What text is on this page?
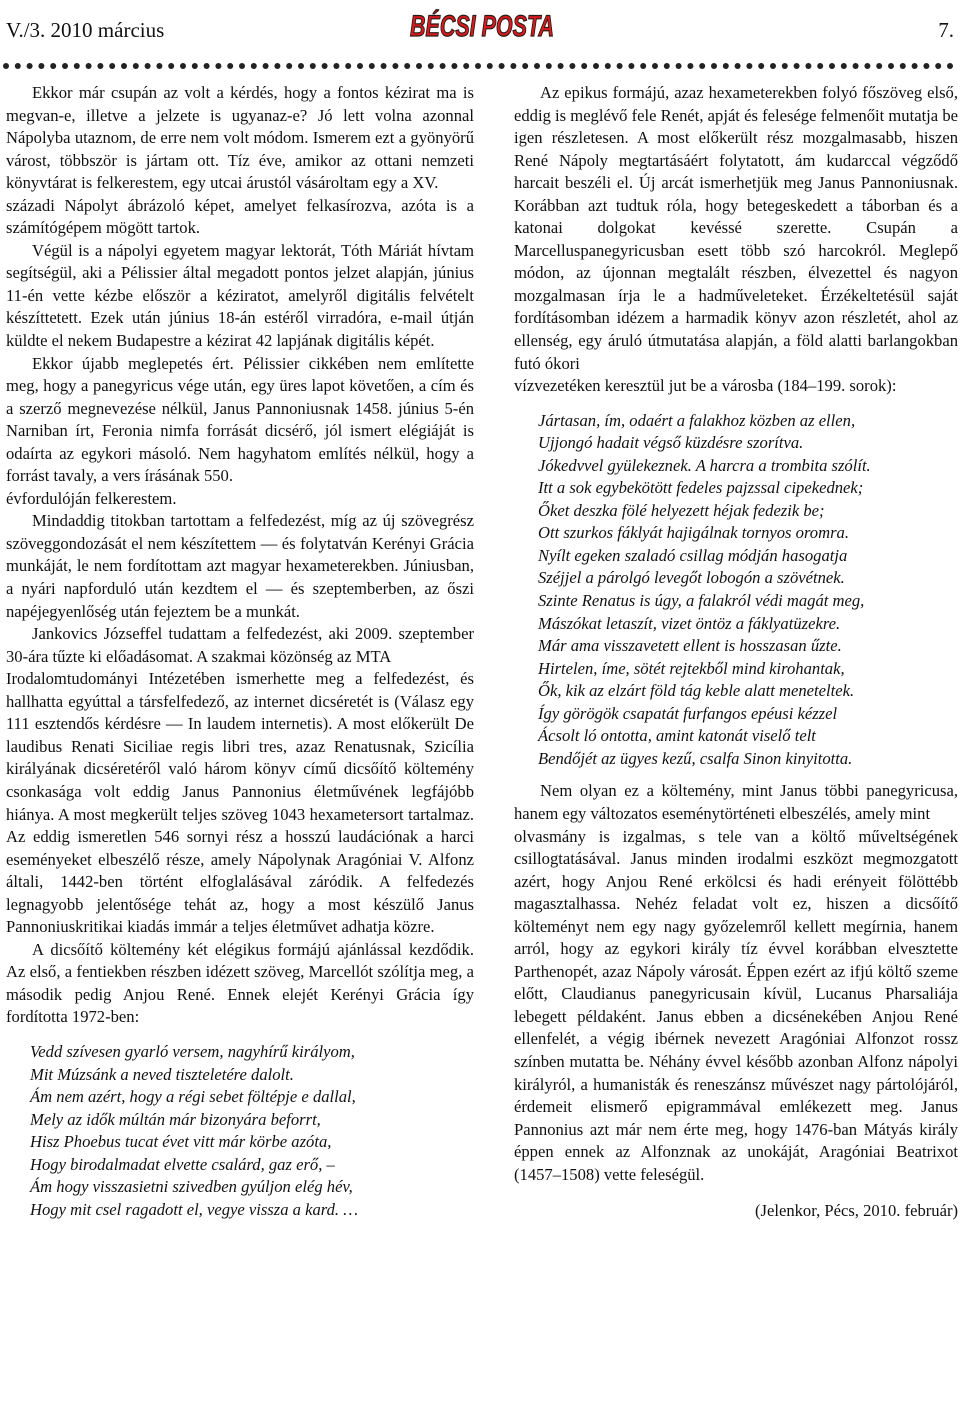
V./3. 2010 március	BÉCSI POSTA	7.

Ekkor már csupán az volt a kérdés, hogy a fontos kézirat ma is megvan-e, illetve a jelzete is ugyanaz-e? Jó lett volna azonnal Nápolyba utaznom, de erre nem volt módom. Ismerem ezt a gyönyörű várost, többször is jártam ott. Tíz éve, amikor az ottani nemzeti könyvtárat is felkerestem, egy utcai árustól vásároltam egy a XV.

századi Nápolyt ábrázoló képet, amelyet felkasírozva, azóta is a számítógépem mögött tartok.

Végül is a nápolyi egyetem magyar lektorát, Tóth Máriát hívtam segítségül, aki a Pélissier által megadott pontos jelzet alapján, június 11-én vette kézbe először a kéziratot, amelyről digitális felvételt készíttetett. Ezek után június 18-án estéről virradóra, e-mail útján küldte el nekem Budapestre a kézirat 42 lapjának digitális képét.

Ekkor újabb meglepetés ért. Pélissier cikkében nem említette meg, hogy a panegyricus vége után, egy üres lapot követően, a cím és a szerző megnevezése nélkül, Janus Pannoniusnak 1458. június 5-én Narniban írt, Feronia nimfa forrását dicsérő, jól ismert elégiáját is odaírta az egykori másoló. Nem hagyhatom említés nélkül, hogy a forrást tavaly, a vers írásának 550.

évfordulóján felkerestem.

Mindaddig titokban tartottam a felfedezést, míg az új szövegrész szöveggondozását el nem készítettem — és folytatván Kerényi Grácia munkáját, le nem fordítottam azt magyar hexameterekben. Júniusban, a nyári napforduló után kezdtem el — és szeptemberben, az őszi napéjegyenlőség után fejeztem be a munkát.

Jankovics Józseffel tudattam a felfedezést, aki 2009. szeptember 30-ára tűzte ki előadásomat. A szakmai közönség az MTA

Irodalomtudományi Intézetében ismerhette meg a felfedezést, és hallhatta egyúttal a társfelfedező, az internet dicséretét is (Válasz egy 111 esztendős kérdésre — In laudem internetis). A most előkerült De laudibus Renati Siciliae regis libri tres, azaz Renatusnak, Szicília királyának dicséretéről való három könyv című dicsőítő költemény csonkasága volt eddig Janus Pannonius életművének legfájóbb hiánya. A most megkerült teljes szöveg 1043 hexametersort tartalmaz. Az eddig ismeretlen 546 sornyi rész a hosszú laudációnak a harci eseményeket elbeszélő része, amely Nápolynak Aragóniai V. Alfonz általi, 1442-ben történt elfoglalásával záródik. A felfedezés legnagyobb jelentősége tehát az, hogy a most készülő Janus Pannoniuskritikai kiadás immár a teljes életművet adhatja közre.

A dicsőítő költemény két elégikus formájú ajánlással kezdődik. Az első, a fentiekben részben idézett szöveg, Marcellót szólítja meg, a második pedig Anjou René. Ennek elejét Kerényi Grácia így fordította 1972-ben:

Vedd szívesen gyarló versem, nagyhírű királyom,
Mit Múzsánk a neved tiszteletére dalolt.
Ám nem azért, hogy a régi sebet föltépje e dallal,
Mely az idők múltán már bizonyára beforrt,
Hisz Phoebus tucat évet vitt már körbe azóta,
Hogy birodalmadat elvette csalárd, gaz erő, –
Ám hogy visszasietni szivedben gyúljon elég hév,
Hogy mit csel ragadott el, vegye vissza a kard. …

Az epikus formájú, azaz hexameterekben folyó főszöveg első, eddig is meglévő fele Renét, apját és felesége felmenőit mutatja be igen részletesen. A most előkerült rész mozgalmasabb, hiszen René Nápoly megtartásáért folytatott, ám kudarccal végződő harcait beszéli el. Új arcát ismerhetjük meg Janus Pannoniusnak. Korábban azt tudtuk róla, hogy betegeskedett a táborban és a katonai dolgokat kevéssé szerette. Csupán a Marcelluspanegyricusban esett több szó harcokról. Meglepő módon, az újonnan megtalált részben, élvezettel és nagyon mozgalmasan írja le a hadműveleteket. Érzékeltetésül saját fordításomban idézem a harmadik könyv azon részletét, ahol az ellenség, egy áruló útmutatása alapján, a föld alatti barlangokban futó ókori

vízvezetéken keresztül jut be a városba (184–199. sorok):

Jártasan, ím, odaért a falakhoz közben az ellen,
Ujjongó hadait végső küzdésre szorítva.
Jókedvvel gyülekeznek. A harcra a trombita szólít.
Itt a sok egybekötött fedeles pajzssal cipekednek;
Őket deszka fölé helyezett héjak fedezik be;
Ott szurkos fáklyát hajigálnak tornyos oromra.
Nyílt egeken szaladó csillag módján hasogatja
Széjjel a párolgó levegőt lobogón a szövétnek.
Szinte Renatus is úgy, a falakról védi magát meg,
Mászókat letaszít, vizet öntöz a fáklyatüzekre.
Már ama visszavetett ellent is hosszasan űzte.
Hirtelen, íme, sötét rejtekből mind kirohantak,
Ők, kik az elzárt föld tág keble alatt meneteltek.
Így görögök csapatát furfangos epéusi kézzel
Ácsolt ló ontotta, amint katonát viselő telt
Bendőjét az ügyes kezű, csalfa Sinon kinyitotta.

Nem olyan ez a költemény, mint Janus többi panegyricusa, hanem egy változatos eseménytörténeti elbeszélés, amely mint

olvasmány is izgalmas, s tele van a költő műveltségének csillogtatásával. Janus minden irodalmi eszközt megmozgatott azért, hogy Anjou René erkölcsi és hadi erényeit fölöttébb magasztalhassa. Nehéz feladat volt ez, hiszen a dicsőítő költeményt nem egy nagy győzelemről kellett megírnia, hanem arról, hogy az egykori király tíz évvel korábban elvesztette Parthenopét, azaz Nápoly városát. Éppen ezért az ifjú költő szeme előtt, Claudianus panegyricusain kívül, Lucanus Pharsaliája lebegett példaként. Janus ebben a dicsénekében Anjou René ellenfelét, a végig ibérnek nevezett Aragóniai Alfonzot rossz színben mutatta be. Néhány évvel később azonban Alfonz nápolyi királyról, a humanisták és reneszánsz művészet nagy pártolójáról, érdemeit elismerő epigrammával emlékezett meg. Janus Pannonius azt már nem érte meg, hogy 1476-ban Mátyás király éppen ennek az Alfonznak az unokáját, Aragóniai Beatrixot (1457–1508) vette feleségül.

(Jelenkor, Pécs, 2010. február)
